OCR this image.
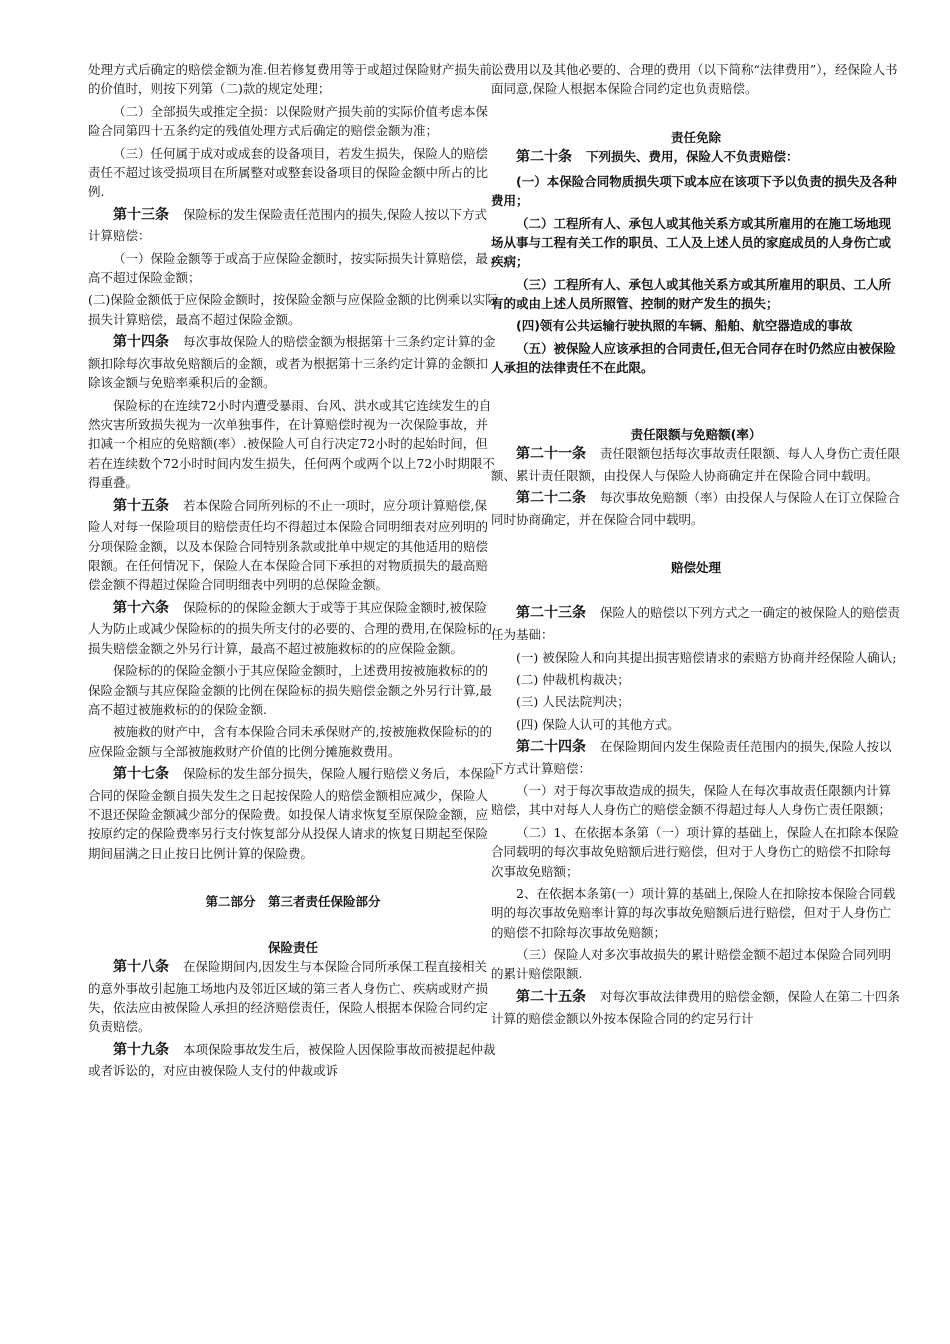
处理方式后确定的赔偿金额为准.但若修复费用等于或超过保险财产损失前的价值时，则按下列第（二)款的规定处理；

（二）全部损失或推定全损：以保险财产损失前的实际价值考虑本保险合同第四十五条约定的残值处理方式后确定的赔偿金额为准；

（三）任何属于成对或成套的设备项目，若发生损失，保险人的赔偿责任不超过该受损项目在所属整对或整套设备项目的保险金额中所占的比例.

第十三条 保险标的发生保险责任范围内的损失,保险人按以下方式计算赔偿：

（一）保险金额等于或高于应保险金额时，按实际损失计算赔偿，最高不超过保险金额；

(二)保险金额低于应保险金额时，按保险金额与应保险金额的比例乘以实际损失计算赔偿，最高不超过保险金额。

第十四条 每次事故保险人的赔偿金额为根据第十三条约定计算的金额扣除每次事故免赔额后的金额，或者为根据第十三条约定计算的金额扣除该金额与免赔率乘积后的金额。

保险标的在连续72小时内遭受暴雨、台风、洪水或其它连续发生的自然灾害所致损失视为一次单独事件，在计算赔偿时视为一次保险事故，并扣减一个相应的免赔额(率）.被保险人可自行决定72小时的起始时间，但若在连续数个72小时时间内发生损失，任何两个或两个以上72小时期限不得重叠。

第十五条 若本保险合同所列标的不止一项时，应分项计算赔偿,保险人对每一保险项目的赔偿责任均不得超过本保险合同明细表对应列明的分项保险金额，以及本保险合同特别条款或批单中规定的其他适用的赔偿限额。在任何情况下，保险人在本保险合同下承担的对物质损失的最高赔偿金额不得超过保险合同明细表中列明的总保险金额。

第十六条 保险标的的保险金额大于或等于其应保险金额时,被保险人为防止或减少保险标的的损失所支付的必要的、合理的费用,在保险标的损失赔偿金额之外另行计算，最高不超过被施救标的的应保险金额。

保险标的的保险金额小于其应保险金额时，上述费用按被施救标的的保险金额与其应保险金额的比例在保险标的损失赔偿金额之外另行计算,最高不超过被施救标的的保险金额.

被施救的财产中，含有本保险合同未承保财产的,按被施救保险标的的应保险金额与全部被施救财产价值的比例分摊施救费用。

第十七条 保险标的发生部分损失，保险人履行赔偿义务后，本保险合同的保险金额自损失发生之日起按保险人的赔偿金额相应减少，保险人不退还保险金额减少部分的保险费。如投保人请求恢复至原保险金额，应按原约定的保险费率另行支付恢复部分从投保人请求的恢复日期起至保险期间届满之日止按日比例计算的保险费。

第二部分　第三者责任保险部分

保险责任

第十八条 在保险期间内,因发生与本保险合同所承保工程直接相关的意外事故引起施工场地内及邻近区域的第三者人身伤亡、疾病或财产损失，依法应由被保险人承担的经济赔偿责任，保险人根据本保险合同约定负责赔偿。

第十九条 本项保险事故发生后，被保险人因保险事故而被提起仲裁或者诉讼的，对应由被保险人支付的仲裁或诉

讼费用以及其他必要的、合理的费用（以下简称“法律费用”），经保险人书面同意,保险人根据本保险合同约定也负责赔偿。

责任免除

第二十条 下列损失、费用，保险人不负责赔偿：

(一）本保险合同物质损失项下或本应在该项下予以负责的损失及各种费用；

（二）工程所有人、承包人或其他关系方或其所雇用的在施工场地现场从事与工程有关工作的职员、工人及上述人员的家庭成员的人身伤亡或疾病；

（三）工程所有人、承包人或其他关系方或其所雇用的职员、工人所有的或由上述人员所照管、控制的财产发生的损失；

(四)领有公共运输行驶执照的车辆、船舶、航空器造成的事故

（五）被保险人应该承担的合同责任,但无合同存在时仍然应由被保险人承担的法律责任不在此限。

责任限额与免赔额(率）

第二十一条 责任限额包括每次事故责任限额、每人人身伤亡责任限额、累计责任限额，由投保人与保险人协商确定并在保险合同中载明。

第二十二条 每次事故免赔额（率）由投保人与保险人在订立保险合同时协商确定，并在保险合同中载明。

赔偿处理

第二十三条 保险人的赔偿以下列方式之一确定的被保险人的赔偿责任为基础：

(一) 被保险人和向其提出损害赔偿请求的索赔方协商并经保险人确认;

(二) 仲裁机构裁决；

(三) 人民法院判决；

(四) 保险人认可的其他方式。

第二十四条 在保险期间内发生保险责任范围内的损失,保险人按以下方式计算赔偿：

（一）对于每次事故造成的损失，保险人在每次事故责任限额内计算赔偿，其中对每人人身伤亡的赔偿金额不得超过每人人身伤亡责任限额；

（二）1、在依据本条第（一）项计算的基础上，保险人在扣除本保险合同载明的每次事故免赔额后进行赔偿，但对于人身伤亡的赔偿不扣除每次事故免赔额；

2、在依据本条第(一）项计算的基础上,保险人在扣除按本保险合同载明的每次事故免赔率计算的每次事故免赔额后进行赔偿，但对于人身伤亡的赔偿不扣除每次事故免赔额；

（三）保险人对多次事故损失的累计赔偿金额不超过本保险合同列明的累计赔偿限额.

第二十五条 对每次事故法律费用的赔偿金额，保险人在第二十四条计算的赔偿金额以外按本保险合同的约定另行计
